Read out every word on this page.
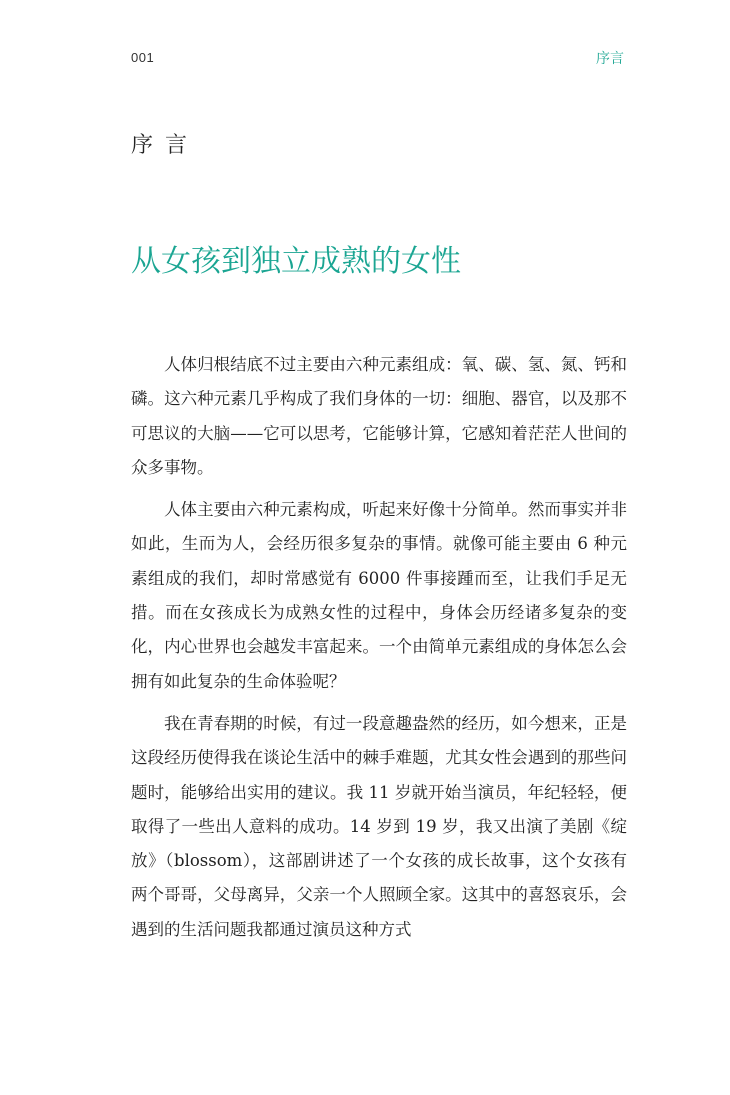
001	序言
序言
从女孩到独立成熟的女性

人体归根结底不过主要由六种元素组成：氧、碳、氢、氮、钙和磷。这六种元素几乎构成了我们身体的一切：细胞、器官，以及那不可思议的大脑——它可以思考，它能够计算，它感知着茫茫人世间的众多事物。

人体主要由六种元素构成，听起来好像十分简单。然而事实并非如此，生而为人，会经历很多复杂的事情。就像可能主要由 6 种元素组成的我们，却时常感觉有 6000 件事接踵而至，让我们手足无措。而在女孩成长为成熟女性的过程中，身体会历经诸多复杂的变化，内心世界也会越发丰富起来。一个由简单元素组成的身体怎么会拥有如此复杂的生命体验呢？

我在青春期的时候，有过一段意趣盎然的经历，如今想来，正是这段经历使得我在谈论生活中的棘手难题，尤其女性会遇到的那些问题时，能够给出实用的建议。我 11 岁就开始当演员，年纪轻轻，便取得了一些出人意料的成功。14 岁到 19 岁，我又出演了美剧《绽放》（blossom），这部剧讲述了一个女孩的成长故事，这个女孩有两个哥哥，父母离异，父亲一个人照顾全家。这其中的喜怒哀乐，会遇到的生活问题我都通过演员这种方式
